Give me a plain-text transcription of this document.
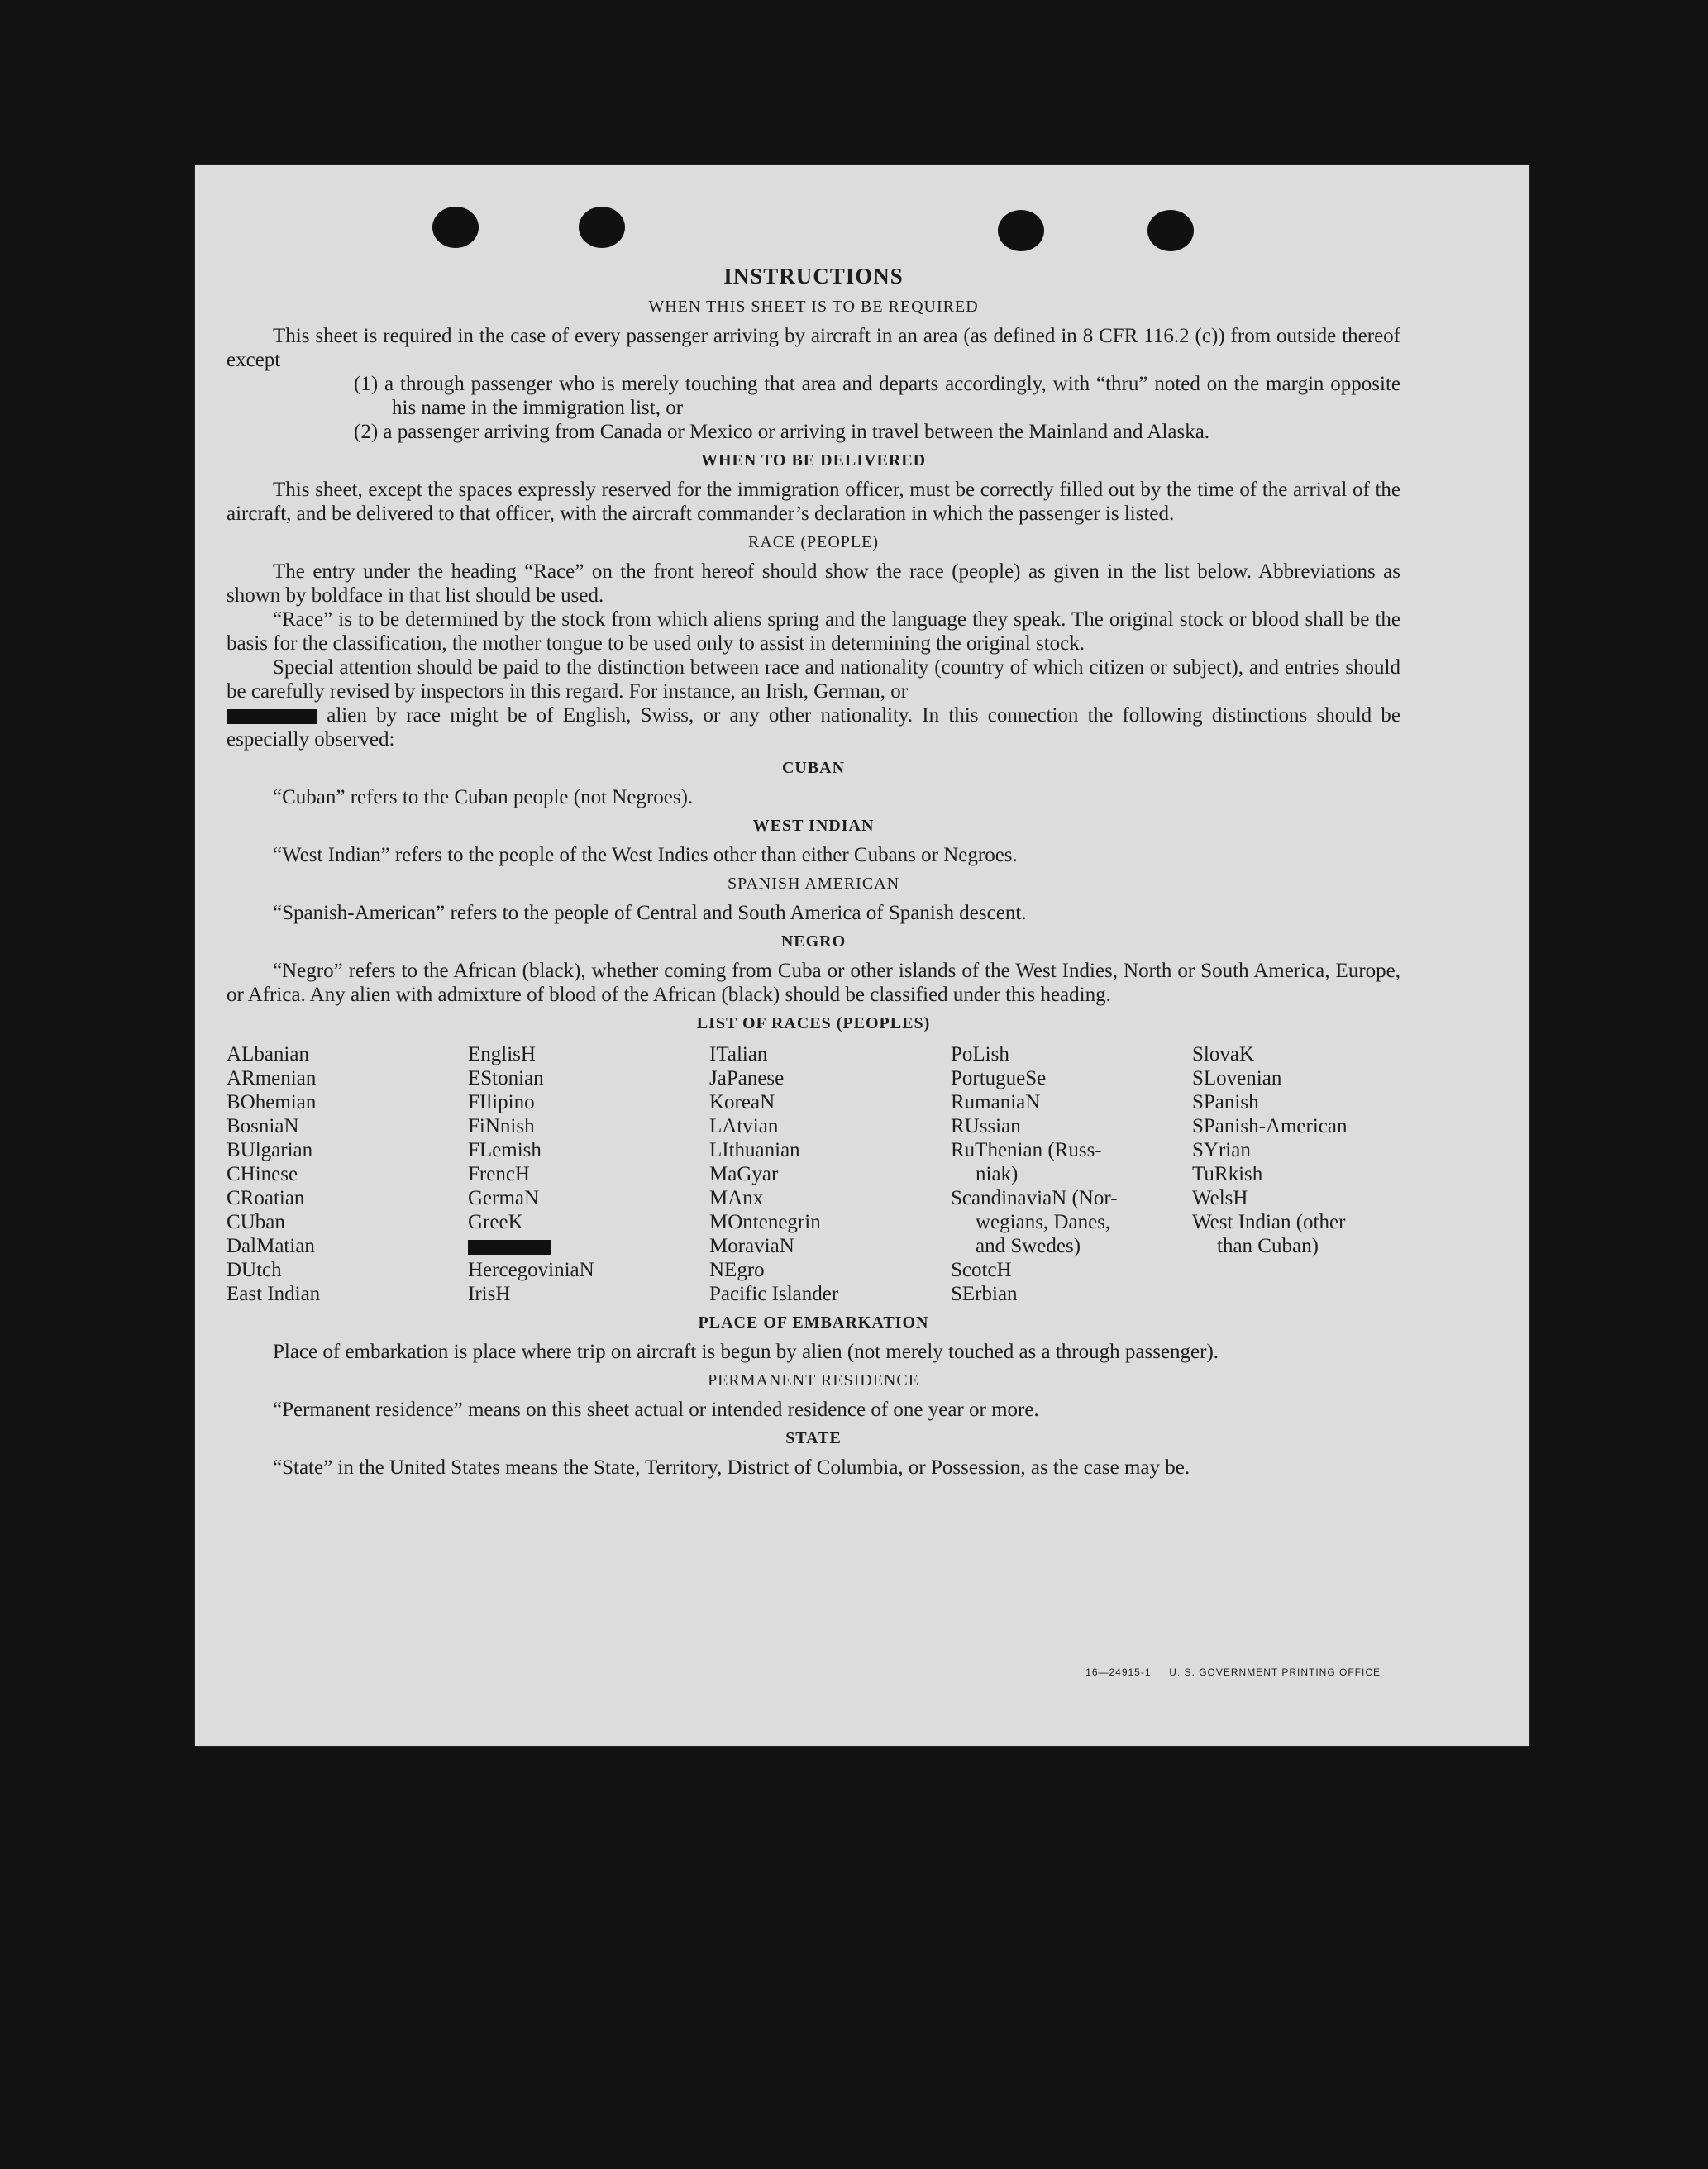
INSTRUCTIONS
WHEN THIS SHEET IS TO BE REQUIRED

This sheet is required in the case of every passenger arriving by aircraft in an area (as defined in 8 CFR 116.2 (c)) from outside thereof except

(1) a through passenger who is merely touching that area and departs accordingly, with “thru” noted on the margin opposite his name in the immigration list, or

(2) a passenger arriving from Canada or Mexico or arriving in travel between the Mainland and Alaska.

WHEN TO BE DELIVERED

This sheet, except the spaces expressly reserved for the immigration officer, must be correctly filled out by the time of the arrival of the aircraft, and be delivered to that officer, with the aircraft commander’s declaration in which the passenger is listed.

RACE (PEOPLE)

The entry under the heading “Race” on the front hereof should show the race (people) as given in the list below. Abbreviations as shown by boldface in that list should be used.

“Race” is to be determined by the stock from which aliens spring and the language they speak. The original stock or blood shall be the basis for the classification, the mother tongue to be used only to assist in determining the original stock.

Special attention should be paid to the distinction between race and nationality (country of which citizen or subject), and entries should be carefully revised by inspectors in this regard. For instance, an Irish, German, or

alien by race might be of English, Swiss, or any other nationality. In this connection the following distinctions should be especially observed:

CUBAN

“Cuban” refers to the Cuban people (not Negroes).

WEST INDIAN

“West Indian” refers to the people of the West Indies other than either Cubans or Negroes.

SPANISH AMERICAN

“Spanish-American” refers to the people of Central and South America of Spanish descent.

NEGRO

“Negro” refers to the African (black), whether coming from Cuba or other islands of the West Indies, North or South America, Europe, or Africa. Any alien with admixture of blood of the African (black) should be classified under this heading.

LIST OF RACES (PEOPLES)
ALbanian
ARmenian
BOhemian
BosniaN
BUlgarian
CHinese
CRoatian
CUban
DalMatian
DUtch
East Indian
EnglisH
EStonian
FIlipino
FiNnish
FLemish
FrencH
GermaN
GreeK
HercegoviniaN
IrisH
ITalian
JaPanese
KoreaN
LAtvian
LIthuanian
MaGyar
MAnx
MOntenegrin
MoraviaN
NEgro
Pacific Islander
PoLish
PortugueSe
RumaniaN
RUssian
RuThenian (Russ-
niak)
ScandinaviaN (Nor-
wegians, Danes,
and Swedes)
ScotcH
SErbian
SlovaK
SLovenian
SPanish
SPanish-American
SYrian
TuRkish
WelsH
West Indian (other
than Cuban)
PLACE OF EMBARKATION

Place of embarkation is place where trip on aircraft is begun by alien (not merely touched as a through passenger).

PERMANENT RESIDENCE

“Permanent residence” means on this sheet actual or intended residence of one year or more.

STATE

“State” in the United States means the State, Territory, District of Columbia, or Possession, as the case may be.

16—24915-1 U. S. GOVERNMENT PRINTING OFFICE
